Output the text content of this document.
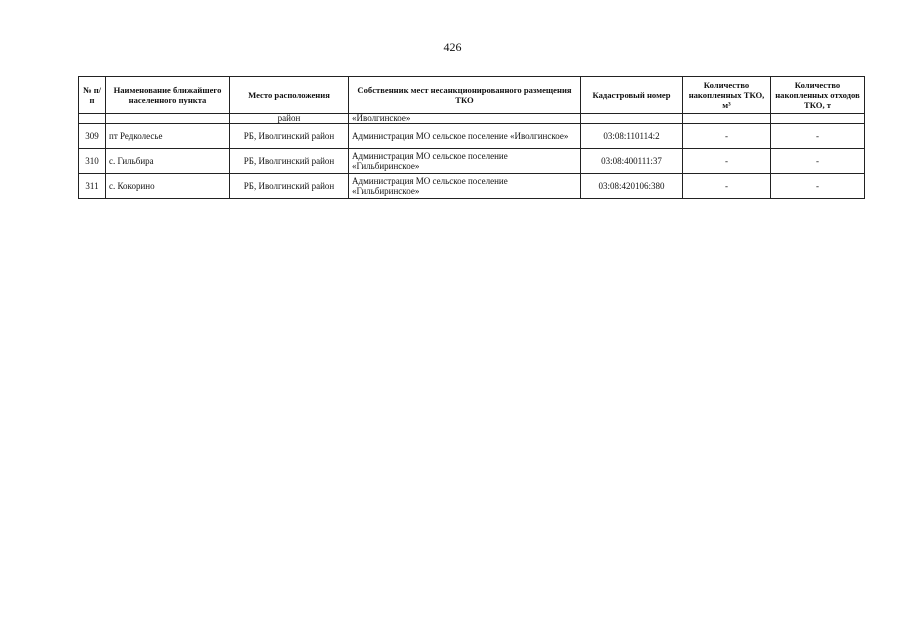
426
№ п/п	Наименование ближайшего населенного пункта	Место расположения	Собственник мест несанкционированного размещения ТКО	Кадастровый номер	Количество накопленных ТКО, м³	Количество накопленных отходов ТКО, т
		район	«Иволгинское»			
309	пт Редколесье	РБ, Иволгинский район	Администрация МО сельское поселение «Иволгинское»	03:08:110114:2	-	-
310	с. Гильбира	РБ, Иволгинский район	Администрация МО сельское поселение «Гильбиринское»	03:08:400111:37	-	-
311	с. Кокорино	РБ, Иволгинский район	Администрация МО сельское поселение «Гильбиринское»	03:08:420106:380	-	-
